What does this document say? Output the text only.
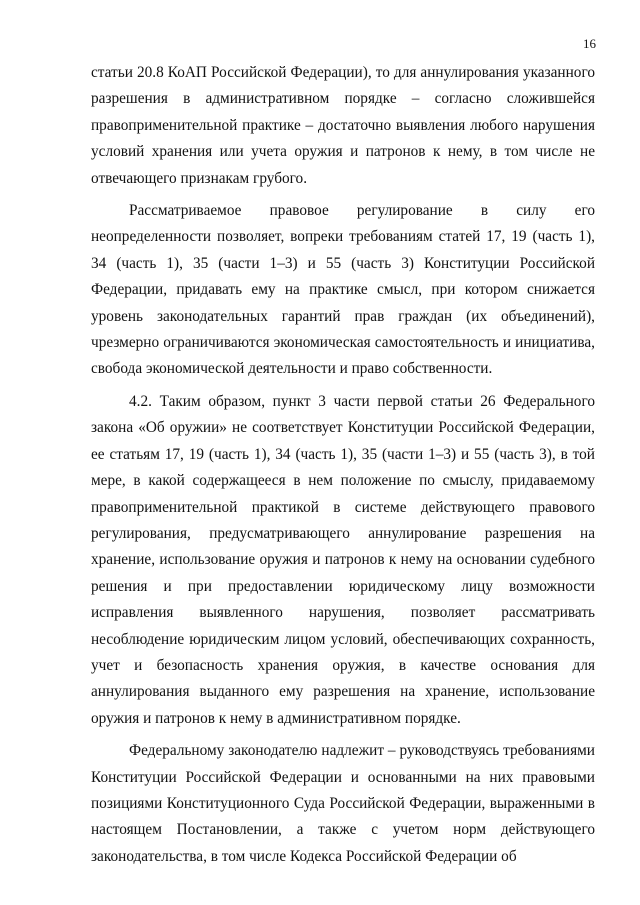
16

статьи 20.8 КоАП Российской Федерации), то для аннулирования указанного разрешения в административном порядке – согласно сложившейся правоприменительной практике – достаточно выявления любого нарушения условий хранения или учета оружия и патронов к нему, в том числе не отвечающего признакам грубого.

Рассматриваемое правовое регулирование в силу его неопределенности позволяет, вопреки требованиям статей 17, 19 (часть 1), 34 (часть 1), 35 (части 1–3) и 55 (часть 3) Конституции Российской Федерации, придавать ему на практике смысл, при котором снижается уровень законодательных гарантий прав граждан (их объединений), чрезмерно ограничиваются экономическая самостоятельность и инициатива, свобода экономической деятельности и право собственности.

4.2. Таким образом, пункт 3 части первой статьи 26 Федерального закона «Об оружии» не соответствует Конституции Российской Федерации, ее статьям 17, 19 (часть 1), 34 (часть 1), 35 (части 1–3) и 55 (часть 3), в той мере, в какой содержащееся в нем положение по смыслу, придаваемому правоприменительной практикой в системе действующего правового регулирования, предусматривающего аннулирование разрешения на хранение, использование оружия и патронов к нему на основании судебного решения и при предоставлении юридическому лицу возможности исправления выявленного нарушения, позволяет рассматривать несоблюдение юридическим лицом условий, обеспечивающих сохранность, учет и безопасность хранения оружия, в качестве основания для аннулирования выданного ему разрешения на хранение, использование оружия и патронов к нему в административном порядке.

Федеральному законодателю надлежит – руководствуясь требованиями Конституции Российской Федерации и основанными на них правовыми позициями Конституционного Суда Российской Федерации, выраженными в настоящем Постановлении, а также с учетом норм действующего законодательства, в том числе Кодекса Российской Федерации об
